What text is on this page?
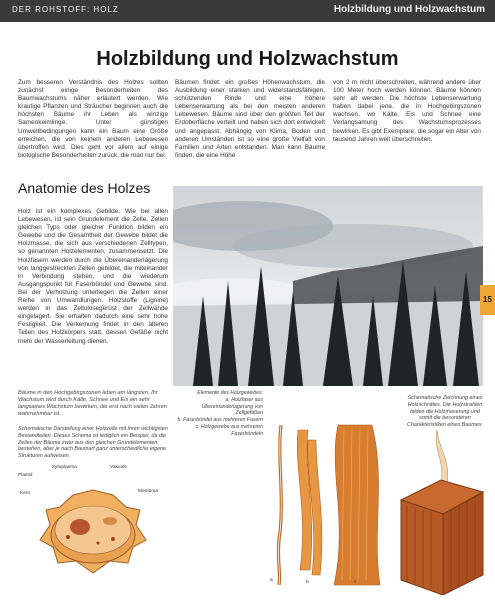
DER ROHSTOFF: HOLZ	Holzbildung und Holzwachstum
Holzbildung und Holzwachstum
Zum besseren Verständnis des Holzes sollten zunächst einige Besonderheiten des Baumwachstums näher erläutert werden. Wie krautige Pflanzen und Sträucher beginnen auch die höchsten Bäume ihr Leben als winzige Samenkeimlinge. Unter günstigen Umweltbedingungen kann ein Baum eine Größe erreichen, die von keinem anderen Lebewesen übertroffen wird. Dies geht vor allem auf einige biologische Besonderheiten zurück, die man nur bei
Bäumen findet: ein großes Höhenwachstum, die Ausbildung einer starken und widerstandsfähigen, schützenden Rinde und eine höhere Lebenserwartung als bei den meisten anderen Lebewesen. Bäume sind über den größten Teil der Erdoberfläche verteilt und haben sich dort entwickelt und angepasst. Abhängig von Klima, Boden und anderen Umständen ist so eine große Vielfalt von Familien und Arten entstanden. Man kann Bäume finden, die eine Höhe
von 2 m nicht überschreiten, während andere über 100 Meter hoch werden können. Bäume können sehr alt werden. Die höchste Lebenserwartung haben dabei jene, die in Hochgebirgszonen wachsen, wo Kälte, Eis und Schnee eine Verlangsamung des Wachstumsprozesses bewirken. Es gibt Exemplare, die sogar ein Alter von tausend Jahren weit überschreiten.
Anatomie des Holzes
Holz ist ein komplexes Gebilde. Wie bei allen Lebewesen, ist sein Grundelement die Zelle. Zellen gleichen Typs oder gleicher Funktion bilden ein Gewebe und die Gesamtheit der Gewebe bildet die Holzmasse, die sich aus verschiedenen Zelltypen, so genannten Holzelementen, zusammensetzt. Die Holzfasern werden durch die Übereinanderlagerung von langgestreckten Zellen gebildet, die miteinander in Verbindung stehen, und die wiederum Ausgangspunkt für Faserbündel und Gewebe sind. Bei der Verholzung unterliegen die Zellen einer Reihe von Umwandlungen. Holzstoffe (Lignine) werden in das Zellulosegerüst der Zellwände eingelagert. Sie erhalten dadurch eine sehr hohe Festigkeit. Die Verkernung findet in den älteren Teilen des Holzkörpers statt, dessen Gefäße nicht mehr der Wasserleitung dienen.
15
Bäume in den Hochgebirgszonen leben am längsten. Ihr Wachstum wird durch Kälte, Schnee und Eis ein sehr langsames Wachstum bewirken, die erst nach vielen Jahren wahrnehmbar ist.
Schematische Darstellung einer Holzzelle mit ihren wichtigsten Bestandteilen. Dieses Schema ist lediglich ein Beispiel, da die Zellen der Bäume zwar aus den gleichen Grundelementen bestehen, aber je nach Baumart ganz unterschiedliche eigene Strukturen aufweisen.
Elemente des Holzgewebes:
a. Holzfaser aus Übereinanderlagerung von Zellgefäßen
b. Faserbündel aus mehreren Fasern
c. Holzgewebe aus mehreren Faserbündeln
Schematische Zeichnung eines Holzschnittes. Die Holzstrahlen bilden die Holzmaserung und somit die besonderen Charakteristiken eines Baumes.
Zytoplasma	Vakuole
Plastid
Kern	Membran
a	b	c
